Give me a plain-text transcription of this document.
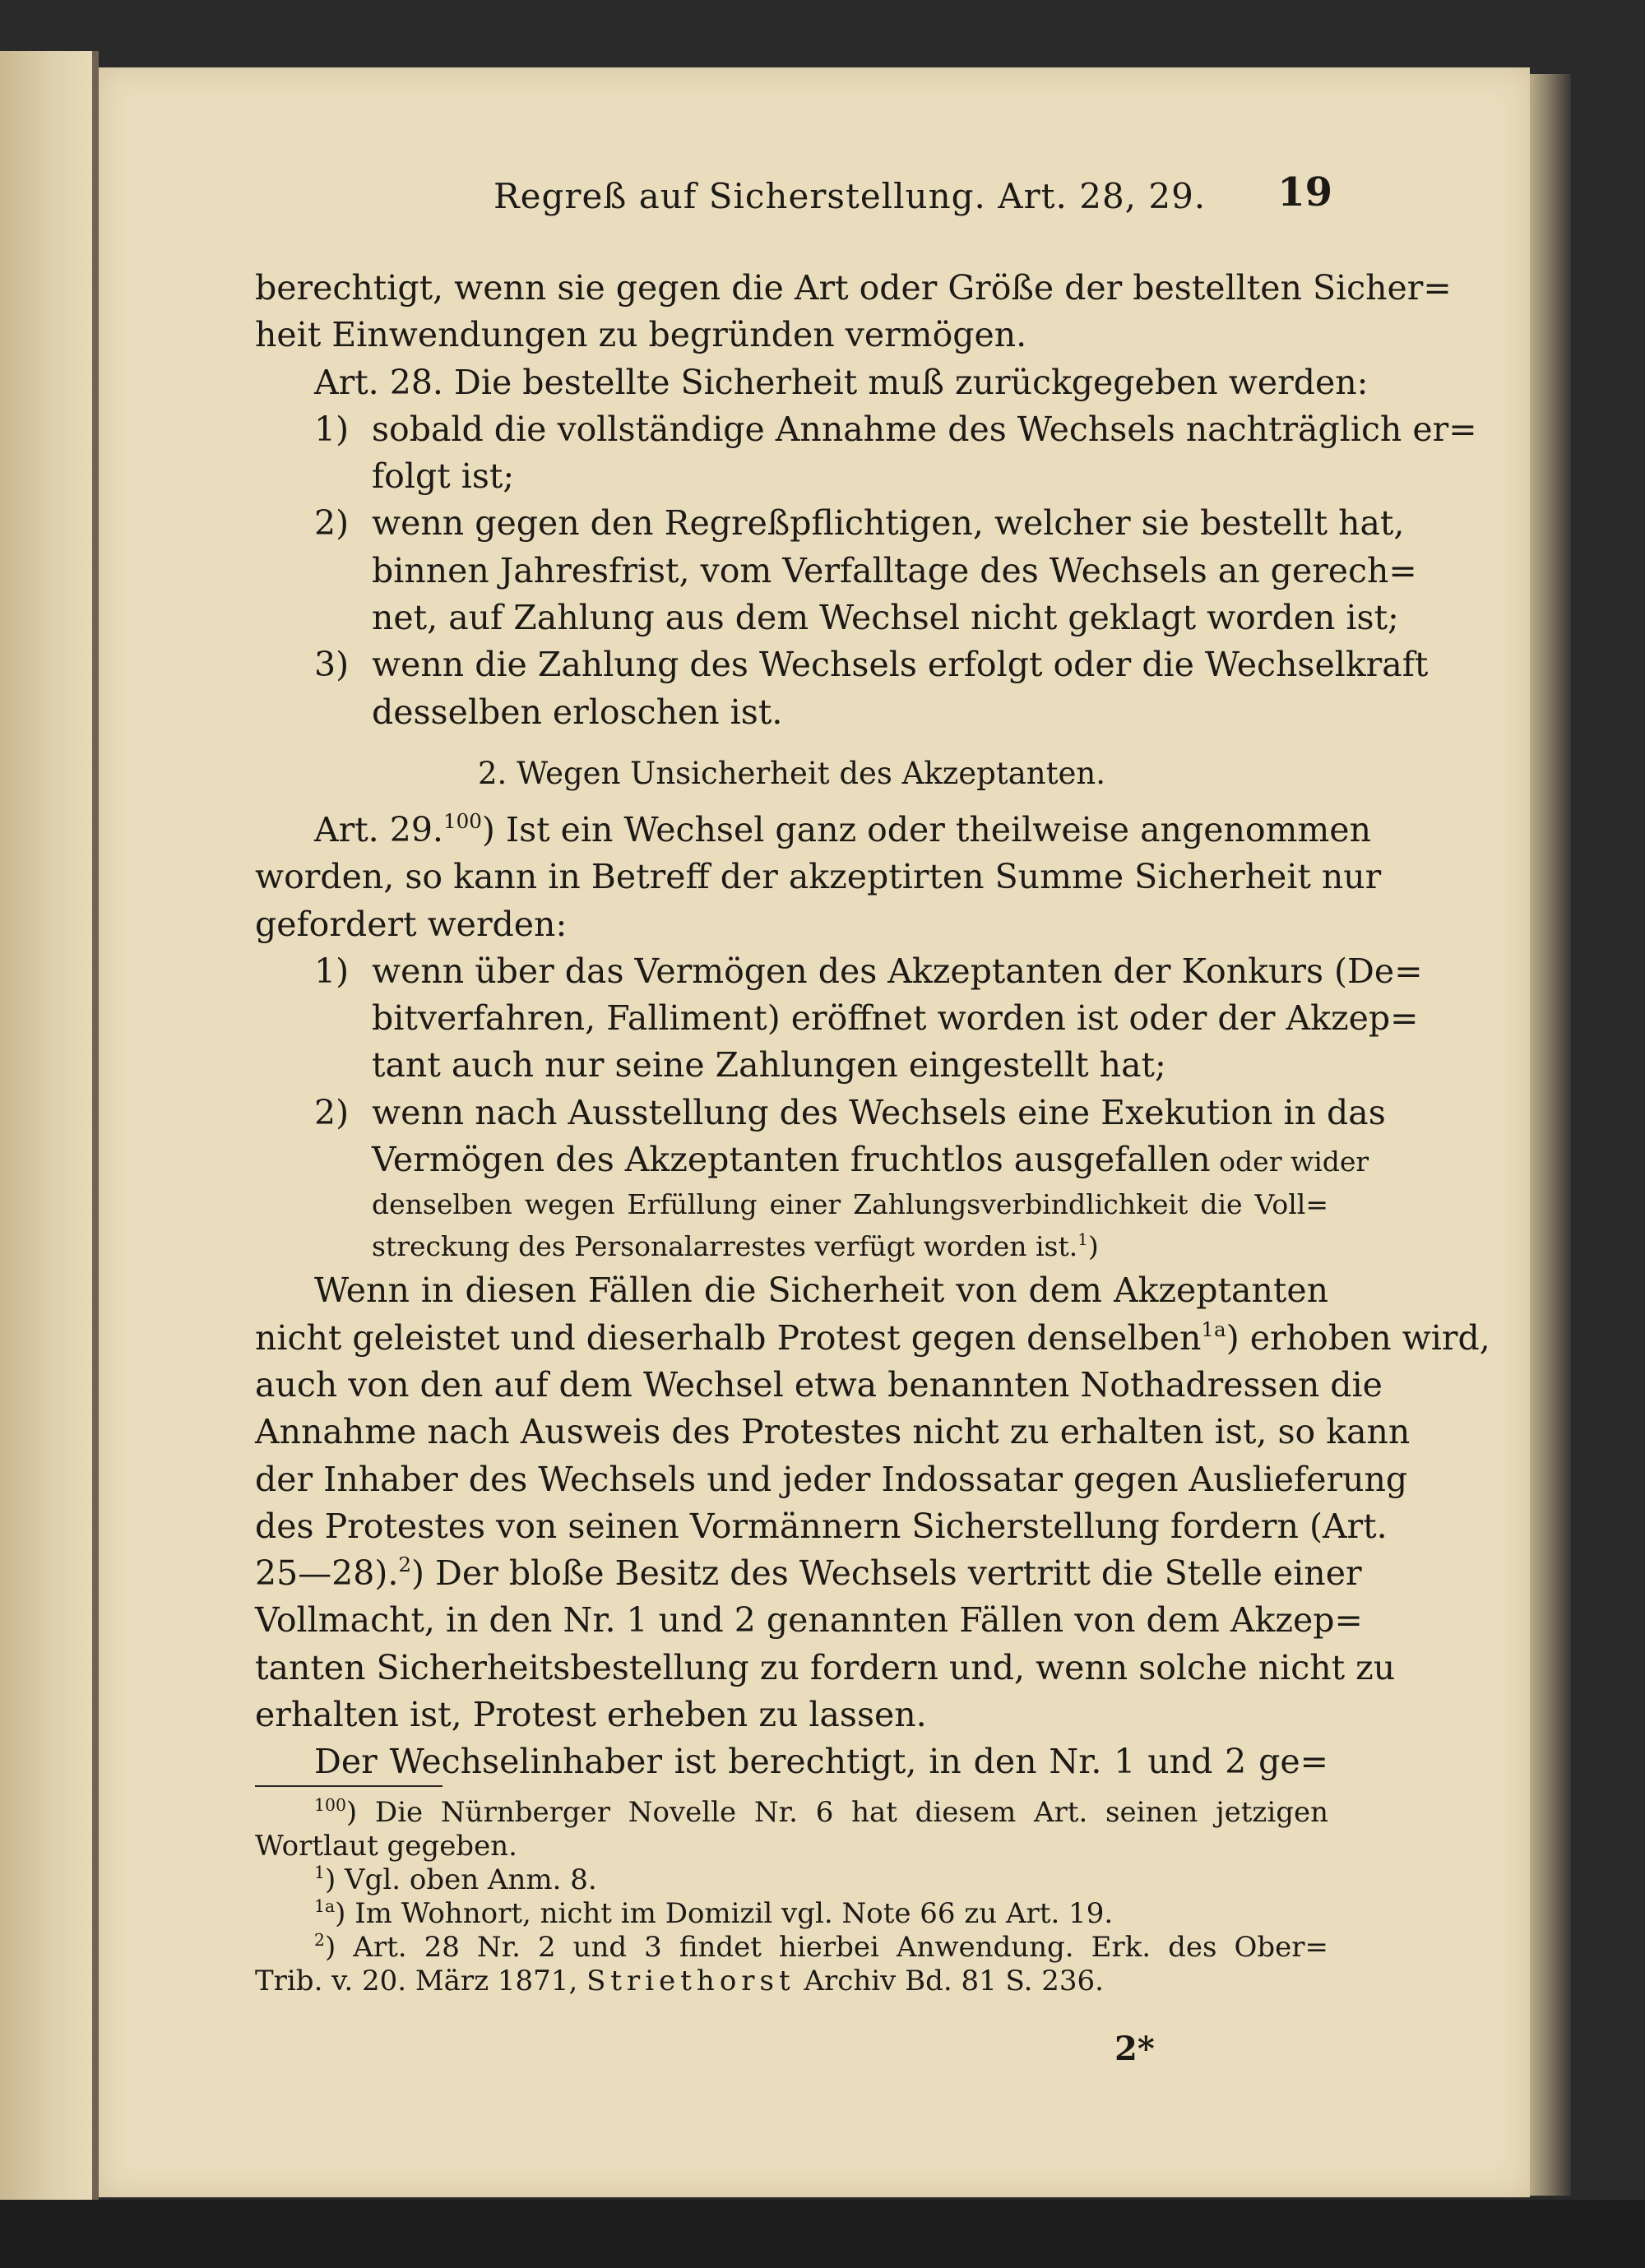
Regreß auf Sicherstellung. Art. 28, 29. 19
berechtigt, wenn sie gegen die Art oder Größe der bestellten Sicher=
heit Einwendungen zu begründen vermögen.
Art. 28. Die bestellte Sicherheit muß zurückgegeben werden:
1) sobald die vollständige Annahme des Wechsels nachträglich er=
folgt ist;
2) wenn gegen den Regreßpflichtigen, welcher sie bestellt hat,
binnen Jahresfrist, vom Verfalltage des Wechsels an gerech=
net, auf Zahlung aus dem Wechsel nicht geklagt worden ist;
3) wenn die Zahlung des Wechsels erfolgt oder die Wechselkraft
desselben erloschen ist.
2. Wegen Unsicherheit des Akzeptanten.
Art. 29.$^{100}$) Ist ein Wechsel ganz oder theilweise angenommen
worden, so kann in Betreff der akzeptirten Summe Sicherheit nur
gefordert werden:
1) wenn über das Vermögen des Akzeptanten der Konkurs (De=
bitverfahren, Falliment) eröffnet worden ist oder der Akzep=
tant auch nur seine Zahlungen eingestellt hat;
2) wenn nach Ausstellung des Wechsels eine Exekution in das
Vermögen des Akzeptanten fruchtlos ausgefallen oder wider
denselben wegen Erfüllung einer Zahlungsverbindlichkeit die Voll=
streckung des Personalarrestes verfügt worden ist.$^1$)
Wenn in diesen Fällen die Sicherheit von dem Akzeptanten
nicht geleistet und dieserhalb Protest gegen denselben$^{1a}$) erhoben wird,
auch von den auf dem Wechsel etwa benannten Nothadressen die
Annahme nach Ausweis des Protestes nicht zu erhalten ist, so kann
der Inhaber des Wechsels und jeder Indossatar gegen Auslieferung
des Protestes von seinen Vormännern Sicherstellung fordern (Art.
25—28).$^2$) Der bloße Besitz des Wechsels vertritt die Stelle einer
Vollmacht, in den Nr. 1 und 2 genannten Fällen von dem Akzep=
tanten Sicherheitsbestellung zu fordern und, wenn solche nicht zu
erhalten ist, Protest erheben zu lassen.
Der Wechselinhaber ist berechtigt, in den Nr. 1 und 2 ge=
$^{100}$) Die Nürnberger Novelle Nr. 6 hat diesem Art. seinen jetzigen
Wortlaut gegeben.
$^1$) Vgl. oben Anm. 8.
$^{1a}$) Im Wohnort, nicht im Domizil vgl. Note 66 zu Art. 19.
$^2$) Art. 28 Nr. 2 und 3 findet hierbei Anwendung. Erk. des Ober=
Trib. v. 20. März 1871, Striethorst Archiv Bd. 81 S. 236.
2*
